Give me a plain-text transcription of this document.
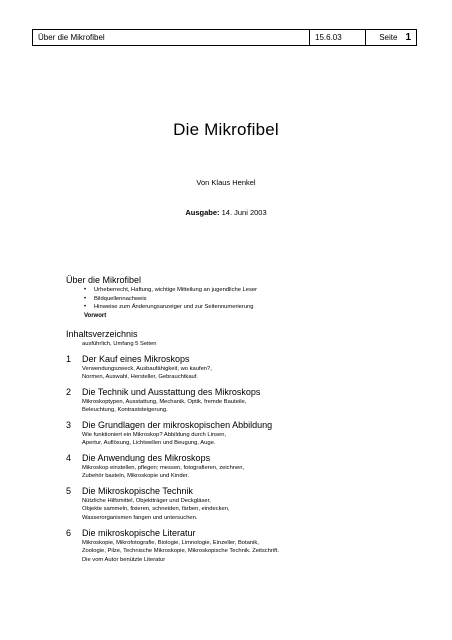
Über die Mikrofibel	15.6.03	Seite 1
Die Mikrofibel
Von Klaus Henkel
Ausgabe: 14. Juni 2003
Über die Mikrofibel
• Urheberrecht, Haftung, wichtige Mitteilung an jugendliche Leser
• Bildquellennachweis
• Hinweise zum Änderungsanzeiger und zur Seitennumerierung
Vorwort
Inhaltsverzeichnis
ausführlich, Umfang 5 Seiten
1	Der Kauf eines Mikroskops
Verwendungszweck, Ausbaufähigkeit, wo kaufen?,
Normen, Auswahl, Hersteller, Gebrauchtkauf.
2	Die Technik und Ausstattung des Mikroskops
Mikroskoptypen, Ausstattung, Mechanik, Optik, fremde Bauteile,
Beleuchtung, Kontraststeigerung.
3	Die Grundlagen der mikroskopischen Abbildung
Wie funktioniert ein Mikroskop? Abbildung durch Linsen,
Apertur, Auflösung, Lichtwellen und Beugung, Auge.
4	Die Anwendung des Mikroskops
Mikroskop einstellen, pflegen; messen, fotografieren, zeichnen,
Zubehör basteln, Mikroskopie und Kinder.
5	Die Mikroskopische Technik
Nützliche Hilfsmittel, Objektträger und Deckgläser,
Objekte sammeln, fixieren, schneiden, färben, eindecken,
Wasserorganismen fangen und untersuchen.
6	Die mikroskopische Literatur
Mikroskopie, Mikrofotografie, Biologie, Limnologie, Einzeller, Botanik,
Zoologie, Pilze, Technische Mikroskopie, Mikroskopische Technik. Zeitschrift.
Die vom Autor benützte Literatur
